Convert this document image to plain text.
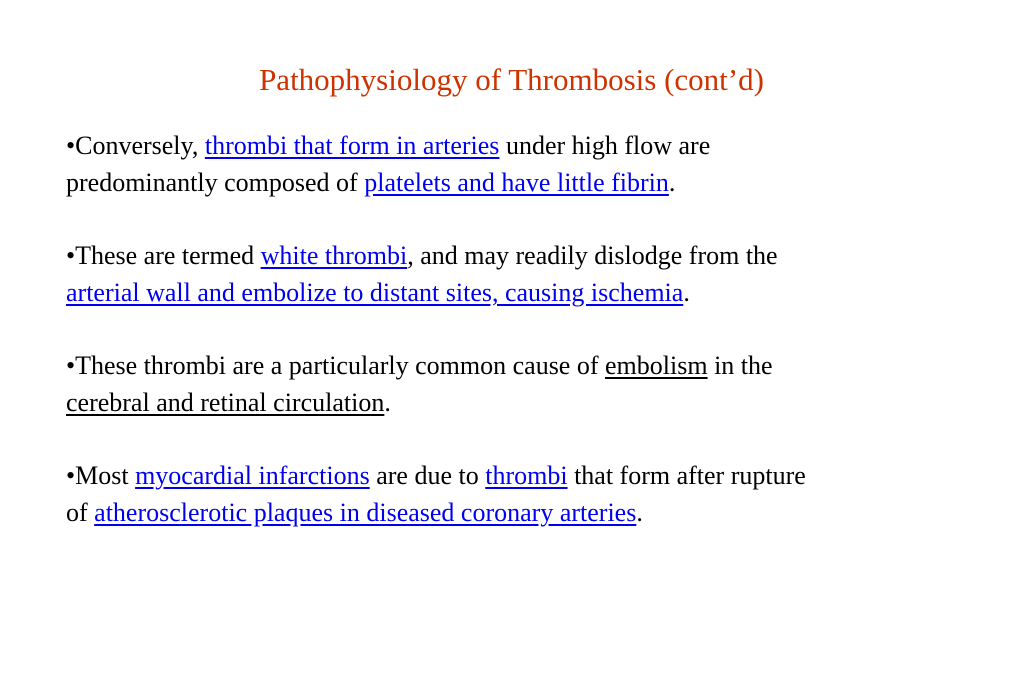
Pathophysiology of Thrombosis (cont’d)
•Conversely, thrombi that form in arteries under high flow are
predominantly composed of platelets and have little fibrin.
•These are termed white thrombi, and may readily dislodge from the
arterial wall and embolize to distant sites, causing ischemia.
•These thrombi are a particularly common cause of embolism in the
cerebral and retinal circulation.
•Most myocardial infarctions are due to thrombi that form after rupture
of atherosclerotic plaques in diseased coronary arteries.
